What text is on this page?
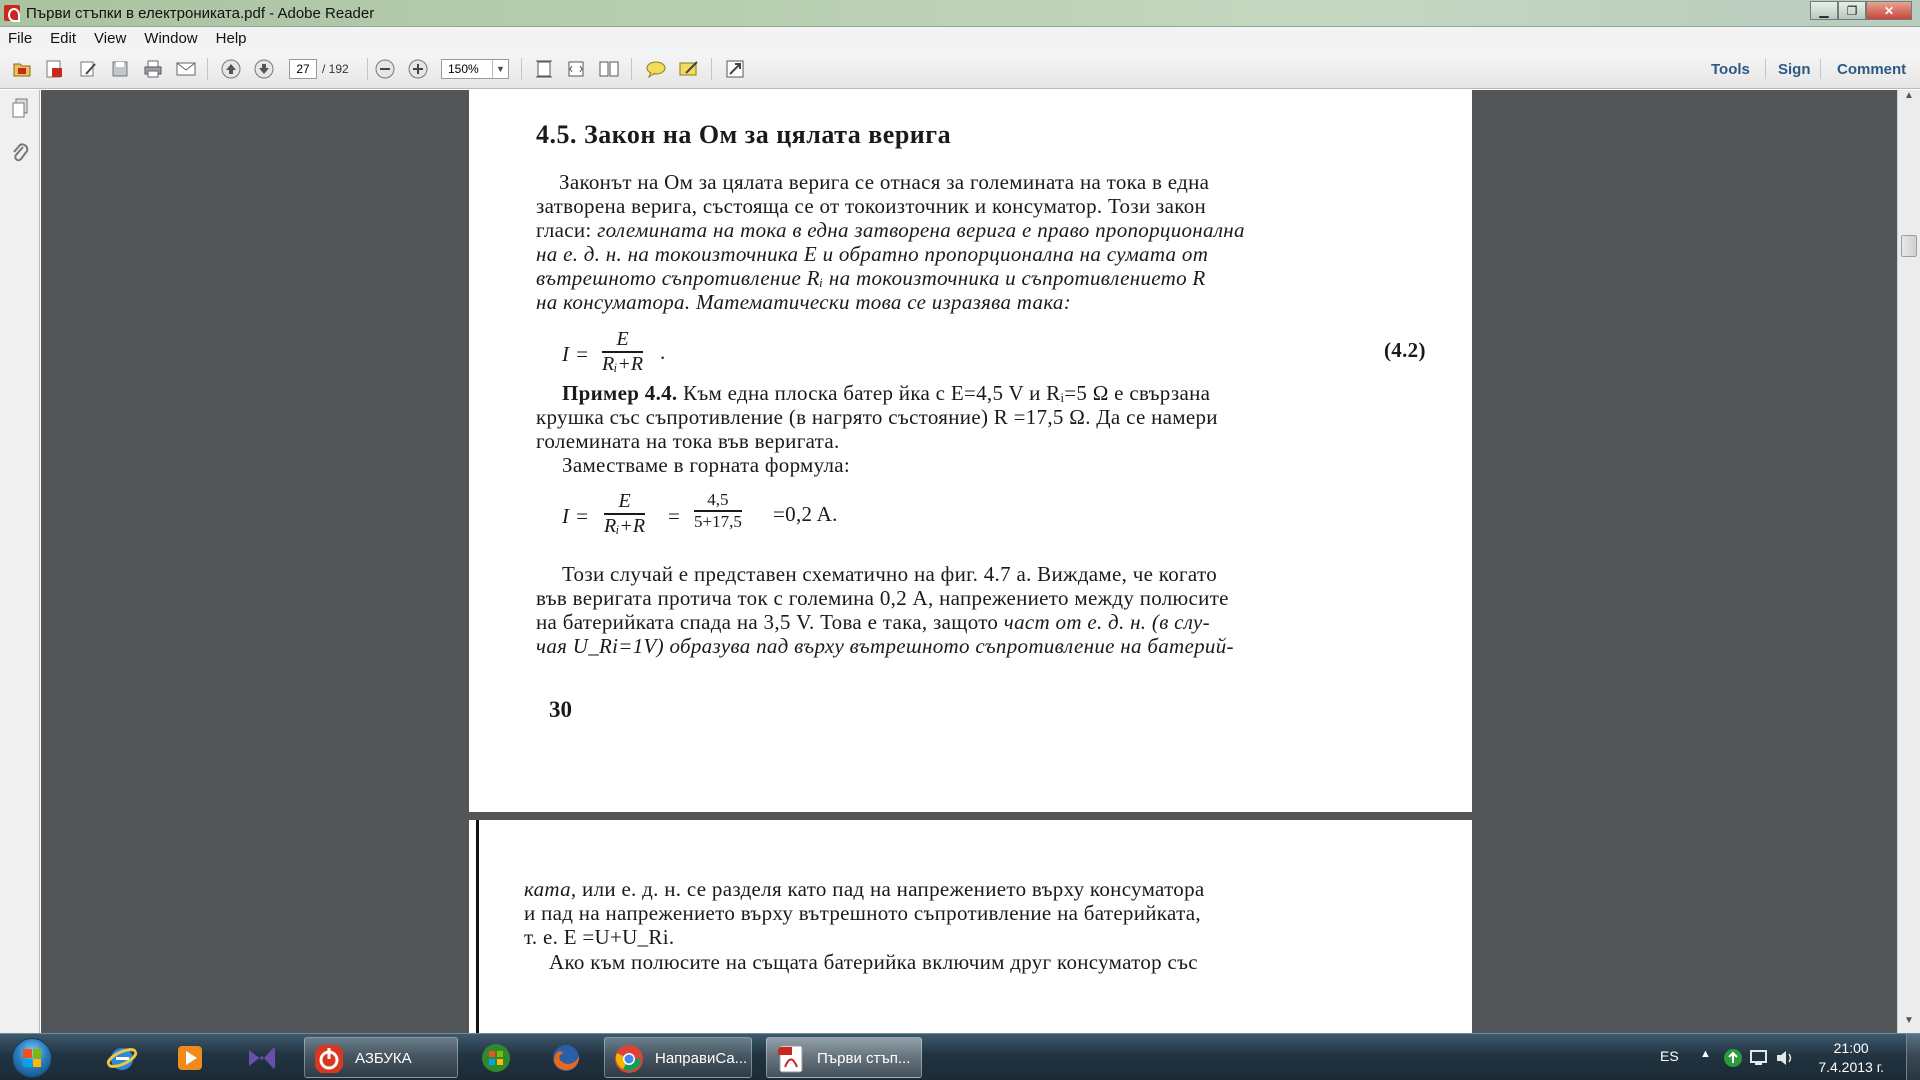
Първи стъпки в електрониката.pdf - Adobe Reader	▁	❐	✕
File Edit View Window Help
27	/ 192	150%	▼	Tools Sign Comment
4.5. Закон на Ом за цялата верига
Законът на Ом за цялата верига се отнася за големината на тока в една
затворена верига, състояща се от токоизточник и консуматор. Този закон
гласи: големината на тока в една затворена верига е право пропорционална
на е. д. н. на токоизточника E и обратно пропорционална на сумата от
вътрешното съпротивление Rᵢ на токоизточника и съпротивлението R
на консуматора. Математически това се изразява така:
$I = \frac{E}{\text{Rᵢ+R}}$ .	(4.2)
Пример 4.4. Към една плоска батер йка с E=4,5 V и Rᵢ=5 Ω е свързана
крушка със съпротивление (в нагрято състояние) R =17,5 Ω. Да се намери
големината на тока във веригата.
Заместваме в горната формула:
$I = \frac{E}{\text{Rᵢ+R}} = \frac{4,5}{5+17,5} =0,2$ A.
Този случай е представен схематично на фиг. 4.7 а. Виждаме, че когато
във веригата протича ток с големина 0,2 A, напрежението между полюсите
на батерийката спада на 3,5 V. Това е така, защото част от е. д. н. (в слу-
чая U_Ri=1V) образува пад върху вътрешното съпротивление на батерий-
30
ката, или е. д. н. се разделя като пад на напрежението върху консуматора
и пад на напрежението върху вътрешното съпротивление на батерийката,
т. е. E =U+U_Ri.
Ако към полюсите на същата батерийка включим друг консуматор със
▲
▼
АЗБУКА	НаправиСа...	Първи стъп...	ES ▲	21:00
7.4.2013 г.
